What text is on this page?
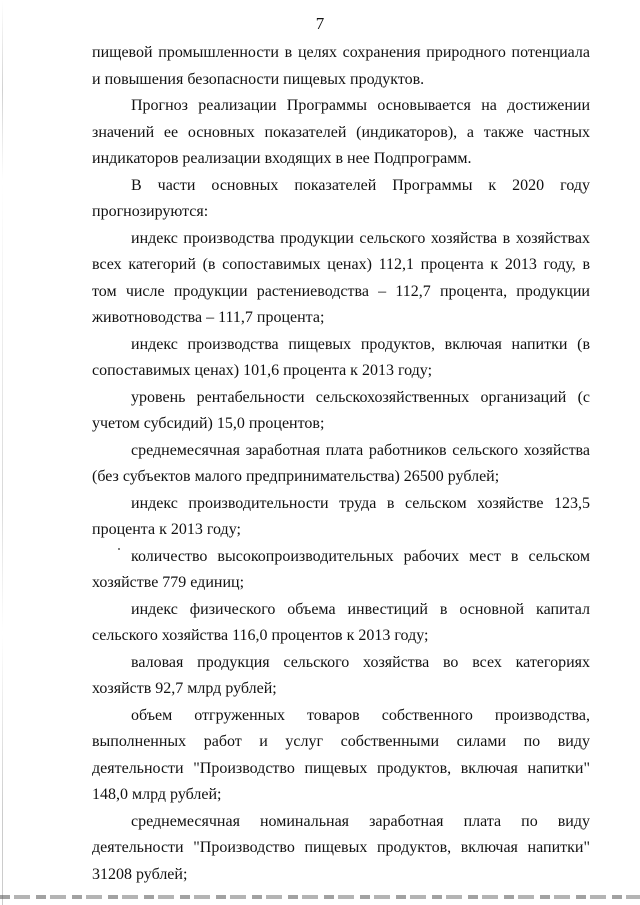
7

пищевой промышленности в целях сохранения природного потенциала и повышения безопасности пищевых продуктов.

Прогноз реализации Программы основывается на достижении значений ее основных показателей (индикаторов), а также частных индикаторов реализации входящих в нее Подпрограмм.

В части основных показателей Программы к 2020 году прогнозируются:

индекс производства продукции сельского хозяйства в хозяйствах всех категорий (в сопоставимых ценах) 112,1 процента к 2013 году, в том числе продукции растениеводства – 112,7 процента, продукции животноводства – 111,7 процента;

индекс производства пищевых продуктов, включая напитки (в сопоставимых ценах) 101,6 процента к 2013 году;

уровень рентабельности сельскохозяйственных организаций (с учетом субсидий) 15,0 процентов;

среднемесячная заработная плата работников сельского хозяйства (без субъектов малого предпринимательства) 26500 рублей;

индекс производительности труда в сельском хозяйстве 123,5 процента к 2013 году;

количество высокопроизводительных рабочих мест в сельском хозяйстве 779 единиц;

индекс физического объема инвестиций в основной капитал сельского хозяйства 116,0 процентов к 2013 году;

валовая продукция сельского хозяйства во всех категориях хозяйств 92,7 млрд рублей;

объем отгруженных товаров собственного производства, выполненных работ и услуг собственными силами по виду деятельности "Производство пищевых продуктов, включая напитки" 148,0 млрд рублей;

среднемесячная номинальная заработная плата по виду деятельности "Производство пищевых продуктов, включая напитки" 31208 рублей;
